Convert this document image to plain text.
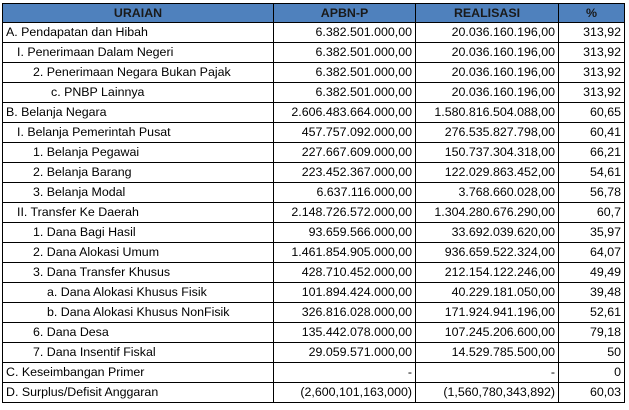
URAIAN	APBN-P	REALISASI	%
A. Pendapatan dan Hibah	6.382.501.000,00	20.036.160.196,00	313,92
I. Penerimaan Dalam Negeri	6.382.501.000,00	20.036.160.196,00	313,92
2. Penerimaan Negara Bukan Pajak	6.382.501.000,00	20.036.160.196,00	313,92
c. PNBP Lainnya	6.382.501.000,00	20.036.160.196,00	313,92
B. Belanja Negara	2.606.483.664.000,00	1.580.816.504.088,00	60,65
I. Belanja Pemerintah Pusat	457.757.092.000,00	276.535.827.798,00	60,41
1. Belanja Pegawai	227.667.609.000,00	150.737.304.318,00	66,21
2. Belanja Barang	223.452.367.000,00	122.029.863.452,00	54,61
3. Belanja Modal	6.637.116.000,00	3.768.660.028,00	56,78
II. Transfer Ke Daerah	2.148.726.572.000,00	1.304.280.676.290,00	60,7
1. Dana Bagi Hasil	93.659.566.000,00	33.692.039.620,00	35,97
2. Dana Alokasi Umum	1.461.854.905.000,00	936.659.522.324,00	64,07
3. Dana Transfer Khusus	428.710.452.000,00	212.154.122.246,00	49,49
a. Dana Alokasi Khusus Fisik	101.894.424.000,00	40.229.181.050,00	39,48
b. Dana Alokasi Khusus NonFisik	326.816.028.000,00	171.924.941.196,00	52,61
6. Dana Desa	135.442.078.000,00	107.245.206.600,00	79,18
7. Dana Insentif Fiskal	29.059.571.000,00	14.529.785.500,00	50
C. Keseimbangan Primer	-	-	0
D. Surplus/Defisit Anggaran	(2,600,101,163,000)	(1,560,780,343,892)	60,03
